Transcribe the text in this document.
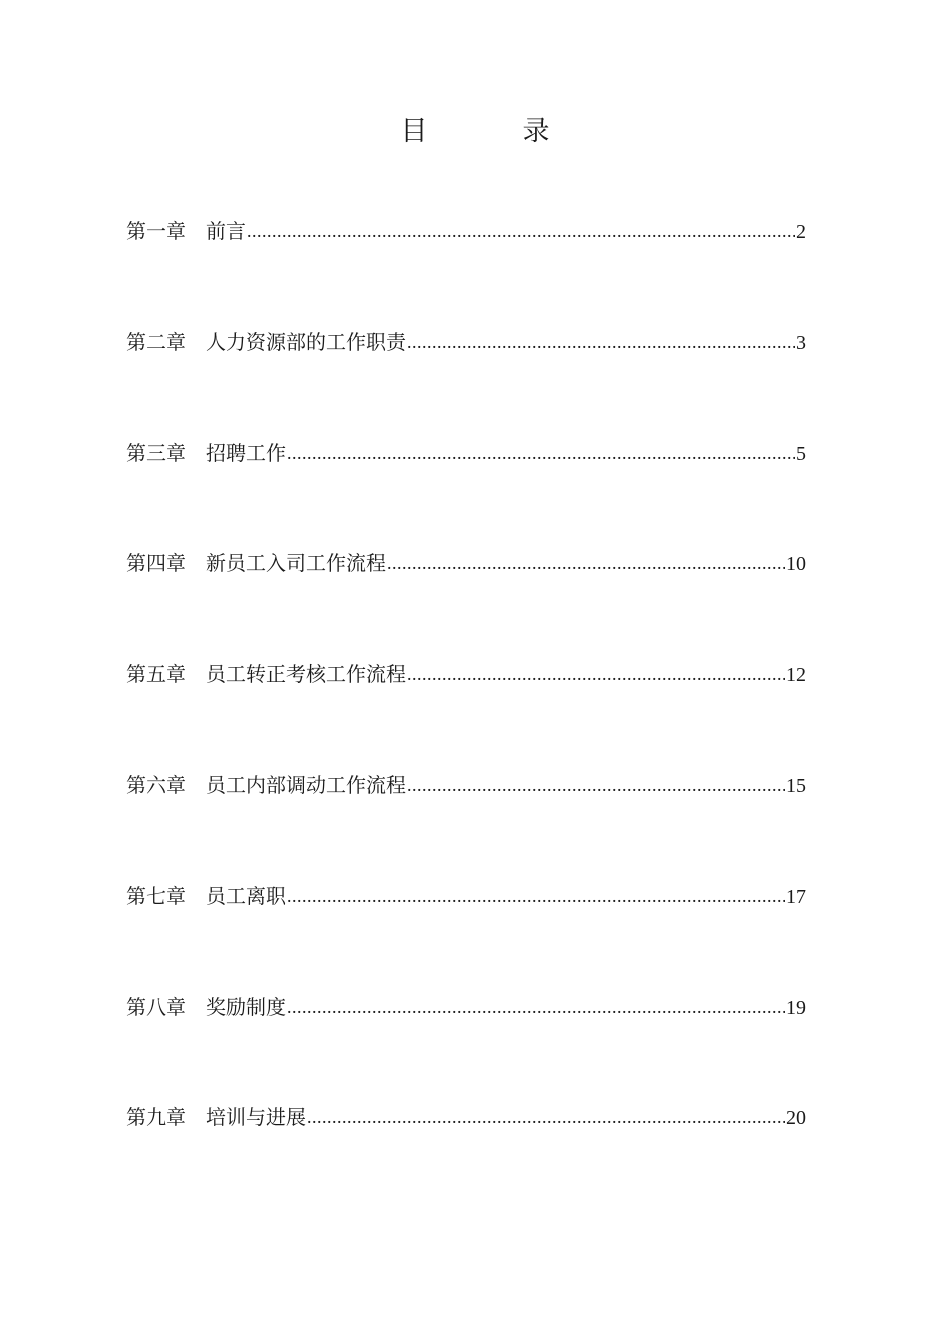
目	录
第一章 前言 .....	2
第二章 人力资源部的工作职责 .....	3
第三章 招聘工作 .....	5
第四章 新员工入司工作流程 .....	10
第五章 员工转正考核工作流程 .....	12
第六章 员工内部调动工作流程 .....	15
第七章 员工离职 .....	17
第八章 奖励制度 .....	19
第九章 培训与进展 .....	20
